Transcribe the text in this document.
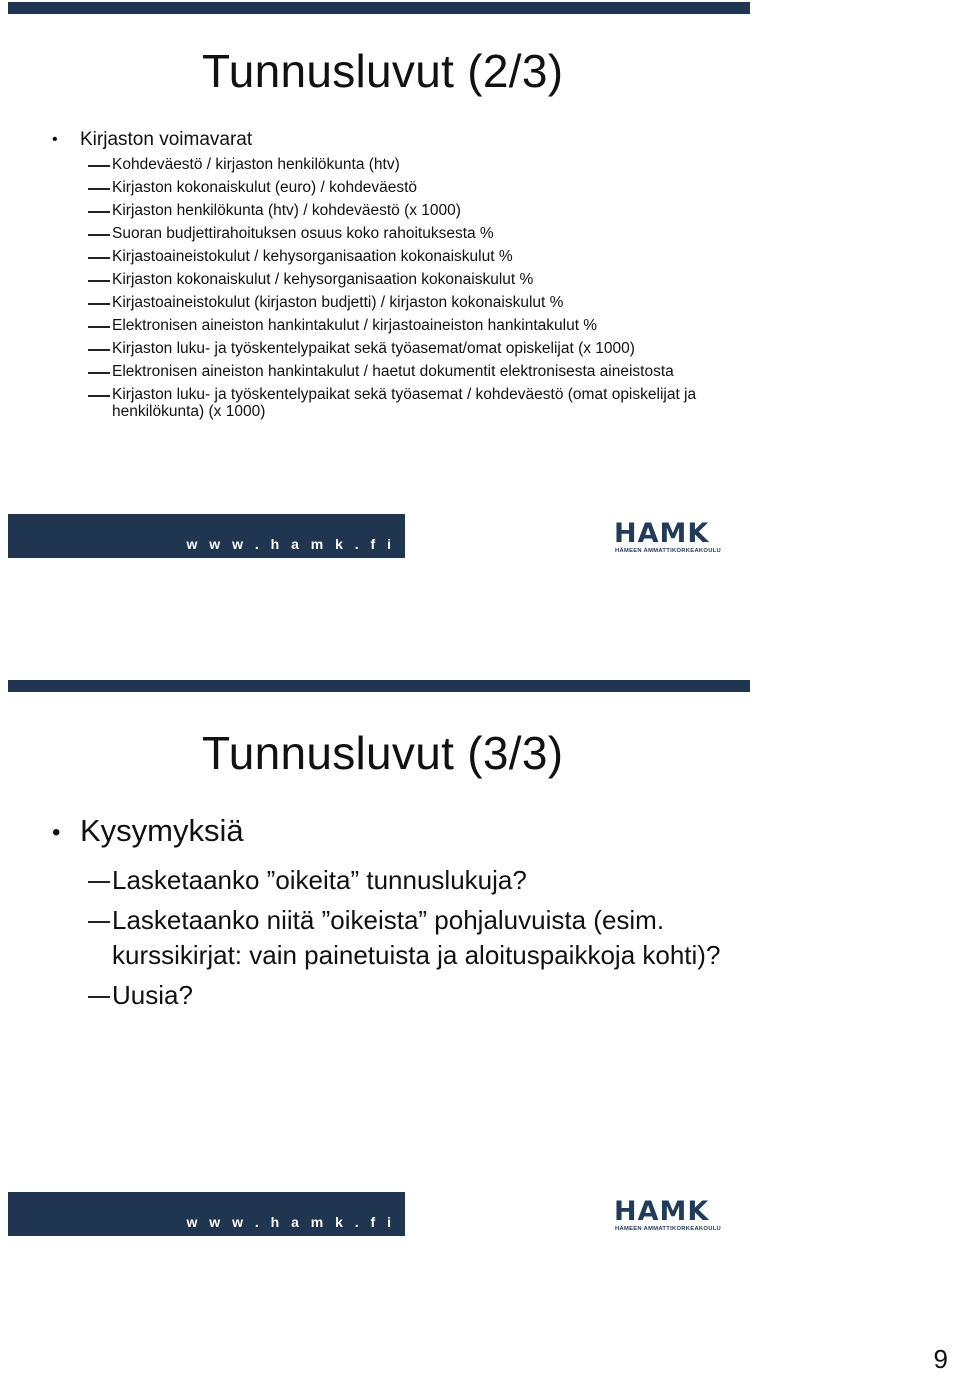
Tunnusluvut (2/3)
• Kirjaston voimavarat
Kohdeväestö / kirjaston henkilökunta (htv)
Kirjaston kokonaiskulut (euro) / kohdeväestö
Kirjaston henkilökunta (htv) / kohdeväestö (x 1000)
Suoran budjettirahoituksen osuus koko rahoituksesta %
Kirjastoaineistokulut / kehysorganisaation kokonaiskulut %
Kirjaston kokonaiskulut / kehysorganisaation kokonaiskulut %
Kirjastoaineistokulut (kirjaston budjetti) / kirjaston kokonaiskulut %
Elektronisen aineiston hankintakulut / kirjastoaineiston hankintakulut %
Kirjaston luku- ja työskentelypaikat sekä työasemat/omat opiskelijat (x 1000)
Elektronisen aineiston hankintakulut / haetut dokumentit elektronisesta aineistosta
Kirjaston luku- ja työskentelypaikat sekä työasemat / kohdeväestö (omat opiskelijat ja henkilökunta) (x 1000)
w w w . h a m k . f i	HAMK
HÄMEEN AMMATTIKORKEAKOULU
Tunnusluvut (3/3)
• Kysymyksiä
Lasketaanko ”oikeita” tunnuslukuja?
Lasketaanko niitä ”oikeista” pohjaluvuista (esim. kurssikirjat: vain painetuista ja aloituspaikkoja kohti)?
Uusia?
w w w . h a m k . f i	HAMK
HÄMEEN AMMATTIKORKEAKOULU
9
